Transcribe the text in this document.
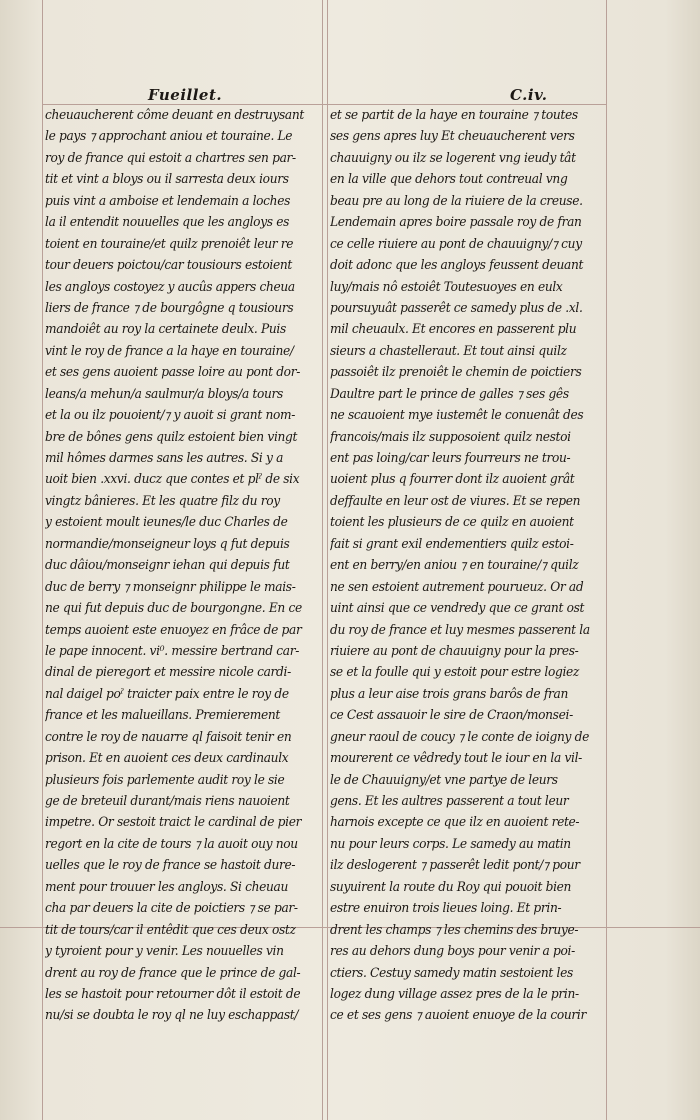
Fueillet.	C.iv.
cheuaucherent côme deuant en destruysant
le pays ⁊ approchant aniou et touraine. Le
roy de france qui estoit a chartres sen par-
tit et vint a bloys ou il sarresta deux iours
puis vint a amboise et lendemain a loches
la il entendit nouuelles que les angloys es
toient en touraine/et quilz prenoiêt leur re
tour deuers poictou/car tousiours estoient
les angloys costoyez y aucûs appers cheua
liers de france ⁊ de bourgôgne q tousiours
mandoiêt au roy la certainete deulx. Puis
vint le roy de france a la haye en touraine/
et ses gens auoient passe loire au pont dor-
leans/a mehun/a saulmur/a bloys/a tours
et la ou ilz pouoient/⁊ y auoit si grant nom-
bre de bônes gens quilz estoient bien vingt
mil hômes darmes sans les autres. Si y a
uoit bien .xxvi. ducz que contes et plˀ de six
vingtz bânieres. Et les quatre filz du roy
y estoient moult ieunes/le duc Charles de
normandie/monseigneur loys q fut depuis
duc dâiou/monseignr iehan qui depuis fut
duc de berry ⁊ monseignr philippe le mais-
ne qui fut depuis duc de bourgongne. En ce
temps auoient este enuoyez en frâce de par
le pape innocent. vi⁰. messire bertrand car-
dinal de pieregort et messire nicole cardi-
nal daigel poˀ traicter paix entre le roy de
france et les malueillans. Premierement
contre le roy de nauarre ql faisoit tenir en
prison. Et en auoient ces deux cardinaulx
plusieurs fois parlemente audit roy le sie
ge de breteuil durant/mais riens nauoient
impetre. Or sestoit traict le cardinal de pier
regort en la cite de tours ⁊ la auoit ouy nou
uelles que le roy de france se hastoit dure-
ment pour trouuer les angloys. Si cheuau
cha par deuers la cite de poictiers ⁊ se par-
tit de tours/car il entêdit que ces deux ostz
y tyroient pour y venir. Les nouuelles vin
drent au roy de france que le prince de gal-
les se hastoit pour retourner dôt il estoit de
nu/si se doubta le roy ql ne luy eschappast/
et se partit de la haye en touraine ⁊ toutes
ses gens apres luy Et cheuaucherent vers
chauuigny ou ilz se logerent vng ieudy tât
en la ville que dehors tout contreual vng
beau pre au long de la riuiere de la creuse.
Lendemain apres boire passale roy de fran
ce celle riuiere au pont de chauuigny/⁊ cuy
doit adonc que les angloys feussent deuant
luy/mais nô estoiêt Toutesuoyes en eulx
poursuyuât passerêt ce samedy plus de .xl.
mil cheuaulx. Et encores en passerent plu
sieurs a chastelleraut. Et tout ainsi quilz
passoiêt ilz prenoiêt le chemin de poictiers
Daultre part le prince de galles ⁊ ses gês
ne scauoient mye iustemêt le conuenât des
francois/mais ilz supposoient quilz nestoi
ent pas loing/car leurs fourreurs ne trou-
uoient plus q fourrer dont ilz auoient grât
deffaulte en leur ost de viures. Et se repen
toient les plusieurs de ce quilz en auoient
fait si grant exil endementiers quilz estoi-
ent en berry/en aniou ⁊ en touraine/⁊ quilz
ne sen estoient autrement pourueuz. Or ad
uint ainsi que ce vendredy que ce grant ost
du roy de france et luy mesmes passerent la
riuiere au pont de chauuigny pour la pres-
se et la foulle qui y estoit pour estre logiez
plus a leur aise trois grans barôs de fran
ce Cest assauoir le sire de Craon/monsei-
gneur raoul de coucy ⁊ le conte de ioigny de
mourerent ce vêdredy tout le iour en la vil-
le de Chauuigny/et vne partye de leurs
gens. Et les aultres passerent a tout leur
harnois excepte ce que ilz en auoient rete-
nu pour leurs corps. Le samedy au matin
ilz deslogerent ⁊ passerêt ledit pont/⁊ pour
suyuirent la route du Roy qui pouoit bien
estre enuiron trois lieues loing. Et prin-
drent les champs ⁊ les chemins des bruye-
res au dehors dung boys pour venir a poi-
ctiers. Cestuy samedy matin sestoient les
logez dung village assez pres de la le prin-
ce et ses gens ⁊ auoient enuoye de la courir
